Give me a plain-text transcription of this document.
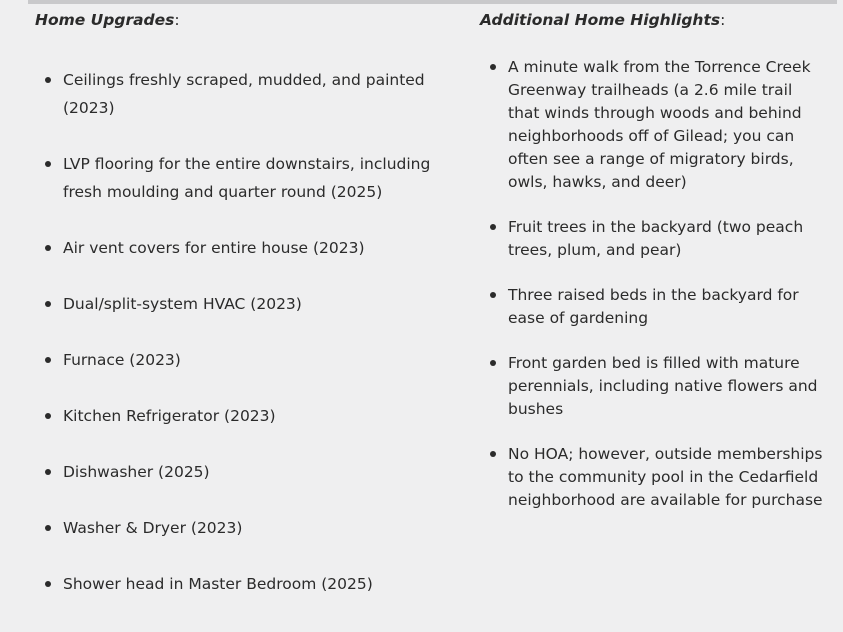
Home Upgrades:

Ceilings freshly scraped, mudded, and painted (2023)
LVP flooring for the entire downstairs, including fresh moulding and quarter round (2025)
Air vent covers for entire house (2023)
Dual/split-system HVAC (2023)
Furnace (2023)
Kitchen Refrigerator (2023)
Dishwasher (2025)
Washer & Dryer (2023)
Shower head in Master Bedroom (2025)

Additional Home Highlights:

A minute walk from the Torrence Creek Greenway trailheads (a 2.6 mile trail that winds through woods and behind neighborhoods off of Gilead; you can often see a range of migratory birds, owls, hawks, and deer)
Fruit trees in the backyard (two peach trees, plum, and pear)
Three raised beds in the backyard for ease of gardening
Front garden bed is filled with mature perennials, including native flowers and bushes
No HOA; however, outside memberships to the community pool in the Cedarfield neighborhood are available for purchase
